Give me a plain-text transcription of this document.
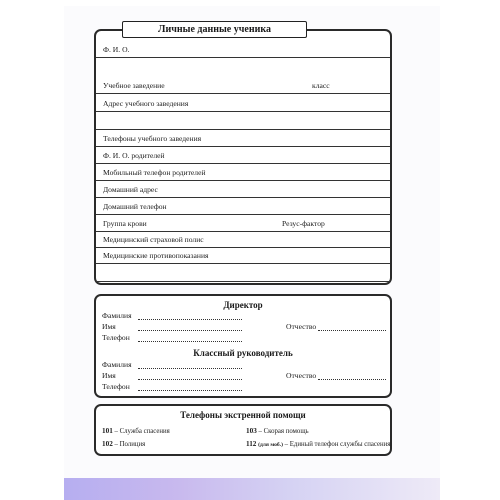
Ф. И. О.
Учебное заведение	класс
Адрес учебного заведения
Телефоны учебного заведения
Ф. И. О. родителей
Мобильный телефон родителей
Домашний адрес
Домашний телефон
Группа крови	Резус-фактор
Медицинский страховой полис
Медицинские противопоказания
Личные данные ученика
Директор
Фамилия
Имя	Отчество
Телефон
Классный руководитель
Фамилия
Имя	Отчество
Телефон
Телефоны экстренной помощи
101 – Служба спасения	103 – Скорая помощь
102 – Полиция	112 (для моб.) – Единый телефон службы спасения
